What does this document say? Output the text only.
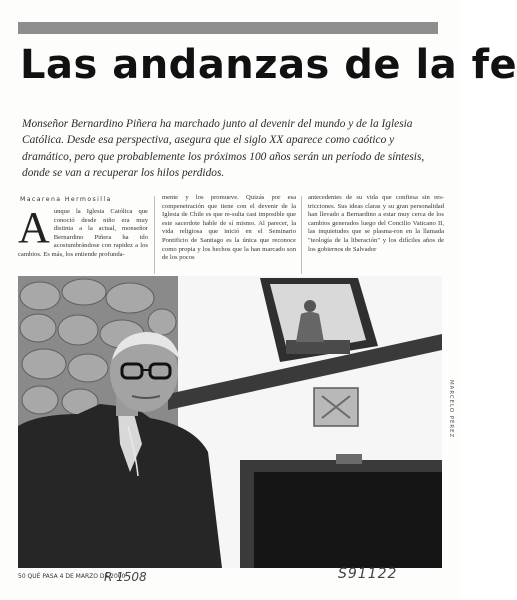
Las andanzas de la fe
Monseñor Bernardino Piñera ha marchado junto al devenir del mundo y de la Iglesia Católica. Desde esa perspectiva, asegura que el siglo XX aparece como caótico y dramático, pero que probablemente los próximos 100 años serán un período de síntesis, donde se van a recuperar los hilos perdidos.
Macarena Hermosilla
A unque la Iglesia Católica que conoció desde niño era muy distinta a la actual, monseñor Bernardino Piñera ha ido acostumbrándose con rapidez a los cambios. Es más, los entiende profunda-

mente y los promueve. Quizás por esa compenetración que tiene con el devenir de la Iglesia de Chile es que re-sulta casi imposible que este sacerdote hable de sí mismo. Al parecer, la vida religiosa que inició en el Seminario Pontificio de Santiago es la única que reconoce como propia y los hechos que la han marcado son de los pocos

antecedentes de su vida que confiesa sin res-tricciones. Sus ideas claras y su gran personalidad han llevado a Bernardino a estar muy cerca de los cambios generados luego del Concilio Vaticano II, las inquietudes que se plasma-ron en la llamada "teología de la liberación" y los difíciles años de los gobiernos de Salvador

MARCELO PÉREZ
50 QUÉ PASA 4 DE MARZO DE 2000
R 1508	S91122
